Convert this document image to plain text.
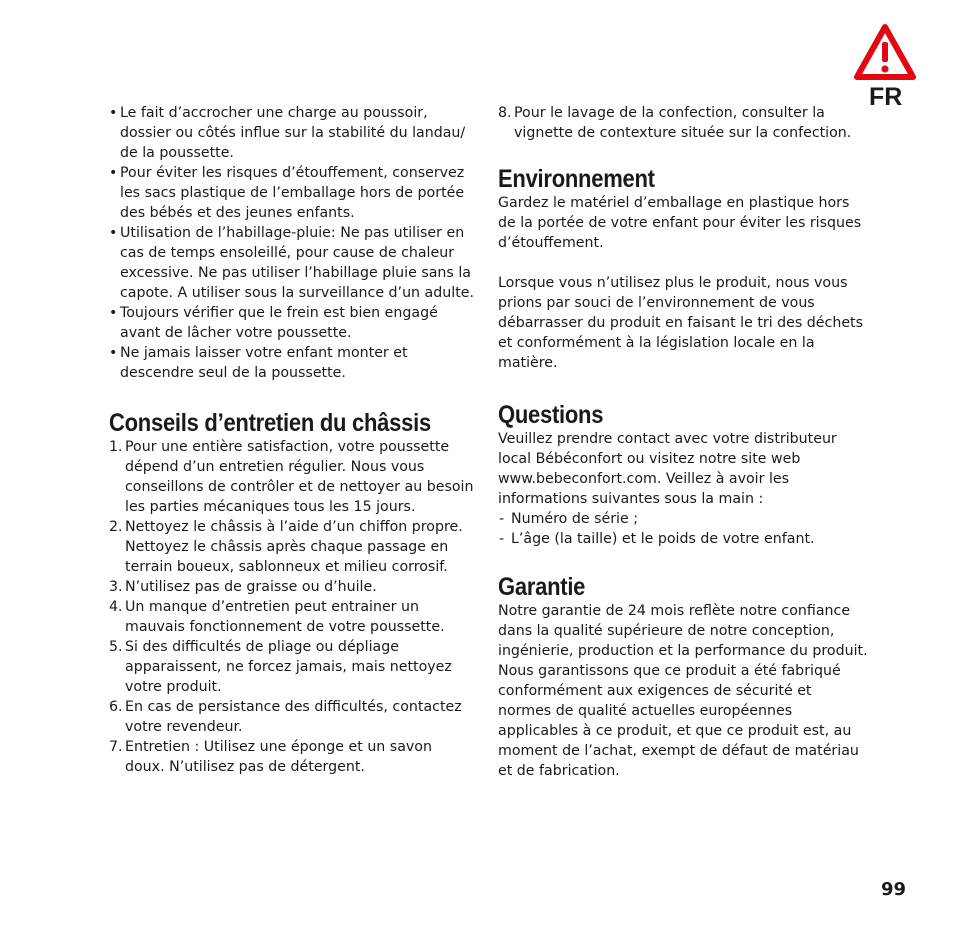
FR
• Le fait d’accrocher une charge au poussoir, dossier ou côtés influe sur la stabilité du landau/ de la poussette.
• Pour éviter les risques d’étouffement, conservez les sacs plastique de l’emballage hors de portée des bébés et des jeunes enfants.
• Utilisation de l’habillage-pluie: Ne pas utiliser en cas de temps ensoleillé, pour cause de chaleur excessive. Ne pas utiliser l’habillage pluie sans la capote. A utiliser sous la surveillance d’un adulte.
• Toujours vérifier que le frein est bien engagé avant de lâcher votre poussette.
• Ne jamais laisser votre enfant monter et descendre seul de la poussette.
Conseils d’entretien du châssis
1. Pour une entière satisfaction, votre poussette dépend d’un entretien régulier. Nous vous conseillons de contrôler et de nettoyer au besoin les parties mécaniques tous les 15 jours.
2. Nettoyez le châssis à l’aide d’un chiffon propre. Nettoyez le châssis après chaque passage en terrain boueux, sablonneux et milieu corrosif.
3. N’utilisez pas de graisse ou d’huile.
4. Un manque d’entretien peut entrainer un mauvais fonctionnement de votre poussette.
5. Si des difficultés de pliage ou dépliage apparaissent, ne forcez jamais, mais nettoyez votre produit.
6. En cas de persistance des difficultés, contactez votre revendeur.
7. Entretien : Utilisez une éponge et un savon doux. N’utilisez pas de détergent.
8. Pour le lavage de la confection, consulter la vignette de contexture située sur la confection.
Environnement

Gardez le matériel d’emballage en plastique hors de la portée de votre enfant pour éviter les risques d’étouffement.

Lorsque vous n’utilisez plus le produit, nous vous prions par souci de l’environnement de vous débarrasser du produit en faisant le tri des déchets et conformément à la législation locale en la matière.

Questions

Veuillez prendre contact avec votre distributeur local Bébéconfort ou visitez notre site web www.bebeconfort.com. Veillez à avoir les informations suivantes sous la main :

- Numéro de série ;
- L’âge (la taille) et le poids de votre enfant.
Garantie

Notre garantie de 24 mois reflète notre confiance dans la qualité supérieure de notre conception, ingénierie, production et la performance du produit. Nous garantissons que ce produit a été fabriqué conformément aux exigences de sécurité et normes de qualité actuelles européennes applicables à ce produit, et que ce produit est, au moment de l’achat, exempt de défaut de matériau et de fabrication.

99
